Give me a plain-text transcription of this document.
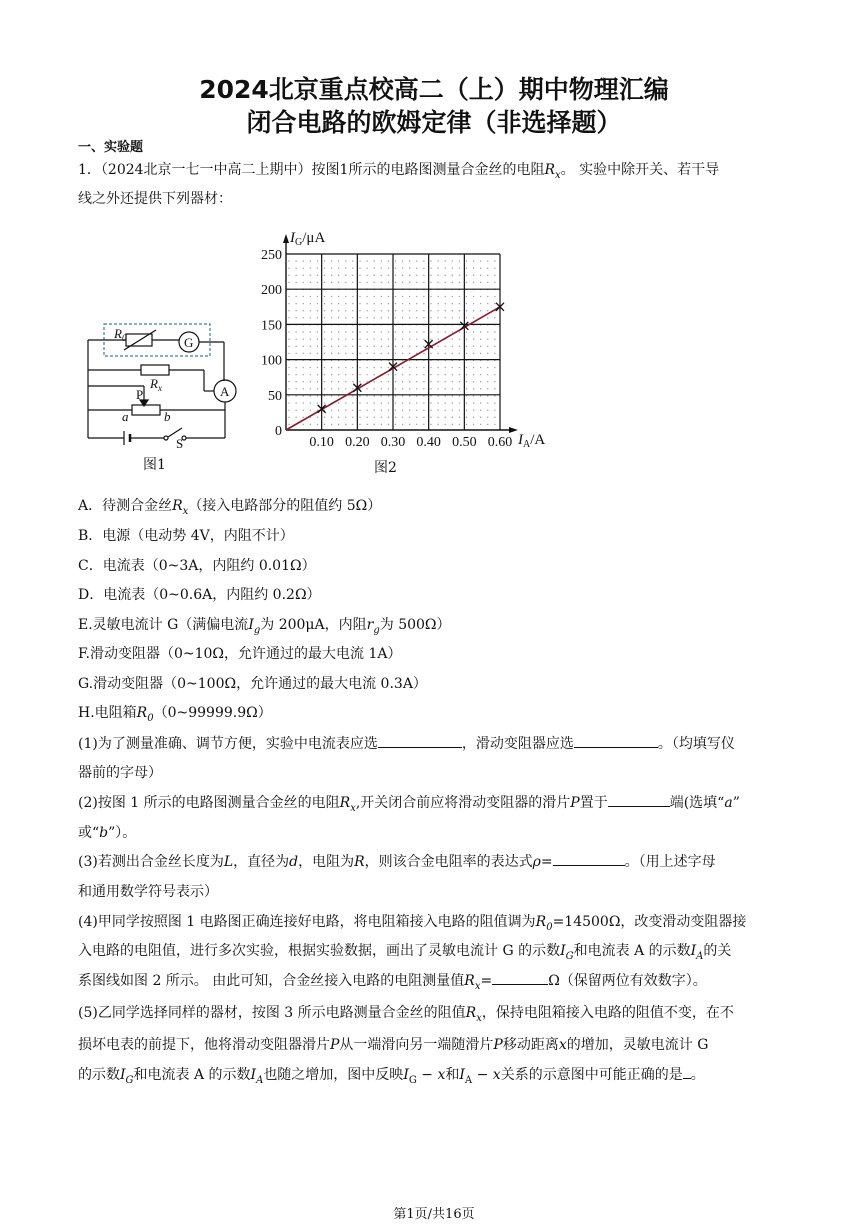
2024北京重点校高二（上）期中物理汇编
闭合电路的欧姆定律（非选择题）
一、实验题
1．（2024北京一七一中高二上期中）按图1所示的电路图测量合金丝的电阻$R_x$。 实验中除开关、若干导
线之外还提供下列器材：
$R_0$	G
$R_x$	A
P
a	b
S
图1
250
200
150
100
50
0
0.10 0.20 0.30 0.40 0.50 0.60
$I_G/\mu A$
$I_A/A$
图2
A．待测合金丝$R_x$（接入电路部分的阻值约 5Ω）
B．电源（电动势 4V，内阻不计）
C．电流表（0~3A，内阻约 0.01Ω）
D．电流表（0~0.6A，内阻约 0.2Ω）
E.灵敏电流计 G（满偏电流$I_g$为 200μA，内阻$r_g$为 500Ω）
F.滑动变阻器（0~10Ω，允许通过的最大电流 1A）
G.滑动变阻器（0~100Ω，允许通过的最大电流 0.3A）
H.电阻箱$R_0(0\sim 99999.9\Omega)$
(1)为了测量准确、调节方便，实验中电流表应选	，滑动变阻器应选	。（均填写仪
器前的字母）
(2)按图 1 所示的电路图测量合金丝的电阻$R_x$,开关闭合前应将滑动变阻器的滑片P置于	端(选填“a”
或“b”）。
(3)若测出合金丝长度为L，直径为d，电阻为R，则该合金电阻率的表达式ρ=	。（用上述字母
和通用数学符号表示）
(4)甲同学按照图 1 电路图正确连接好电路，将电阻箱接入电路的阻值调为$R_0=14500\Omega$，改变滑动变阻器接
入电路的电阻值，进行多次实验，根据实验数据，画出了灵敏电流计 G 的示数$I_G$和电流表 A 的示数$I_A$的关
系图线如图 2 所示。 由此可知，合金丝接入电路的电阻测量值$R_x=$	Ω（保留两位有效数字）。
(5)乙同学选择同样的器材，按图 3 所示电路测量合金丝的阻值$R_x$，保持电阻箱接入电路的阻值不变，在不
损坏电表的前提下，他将滑动变阻器滑片P从一端滑向另一端随滑片P移动距离x的增加，灵敏电流计 G
的示数$I_G$和电流表 A 的示数$I_A$也随之增加，图中反映$I_G - x$和$I_A - x$关系的示意图中可能正确的是 。
第1页/共16页
